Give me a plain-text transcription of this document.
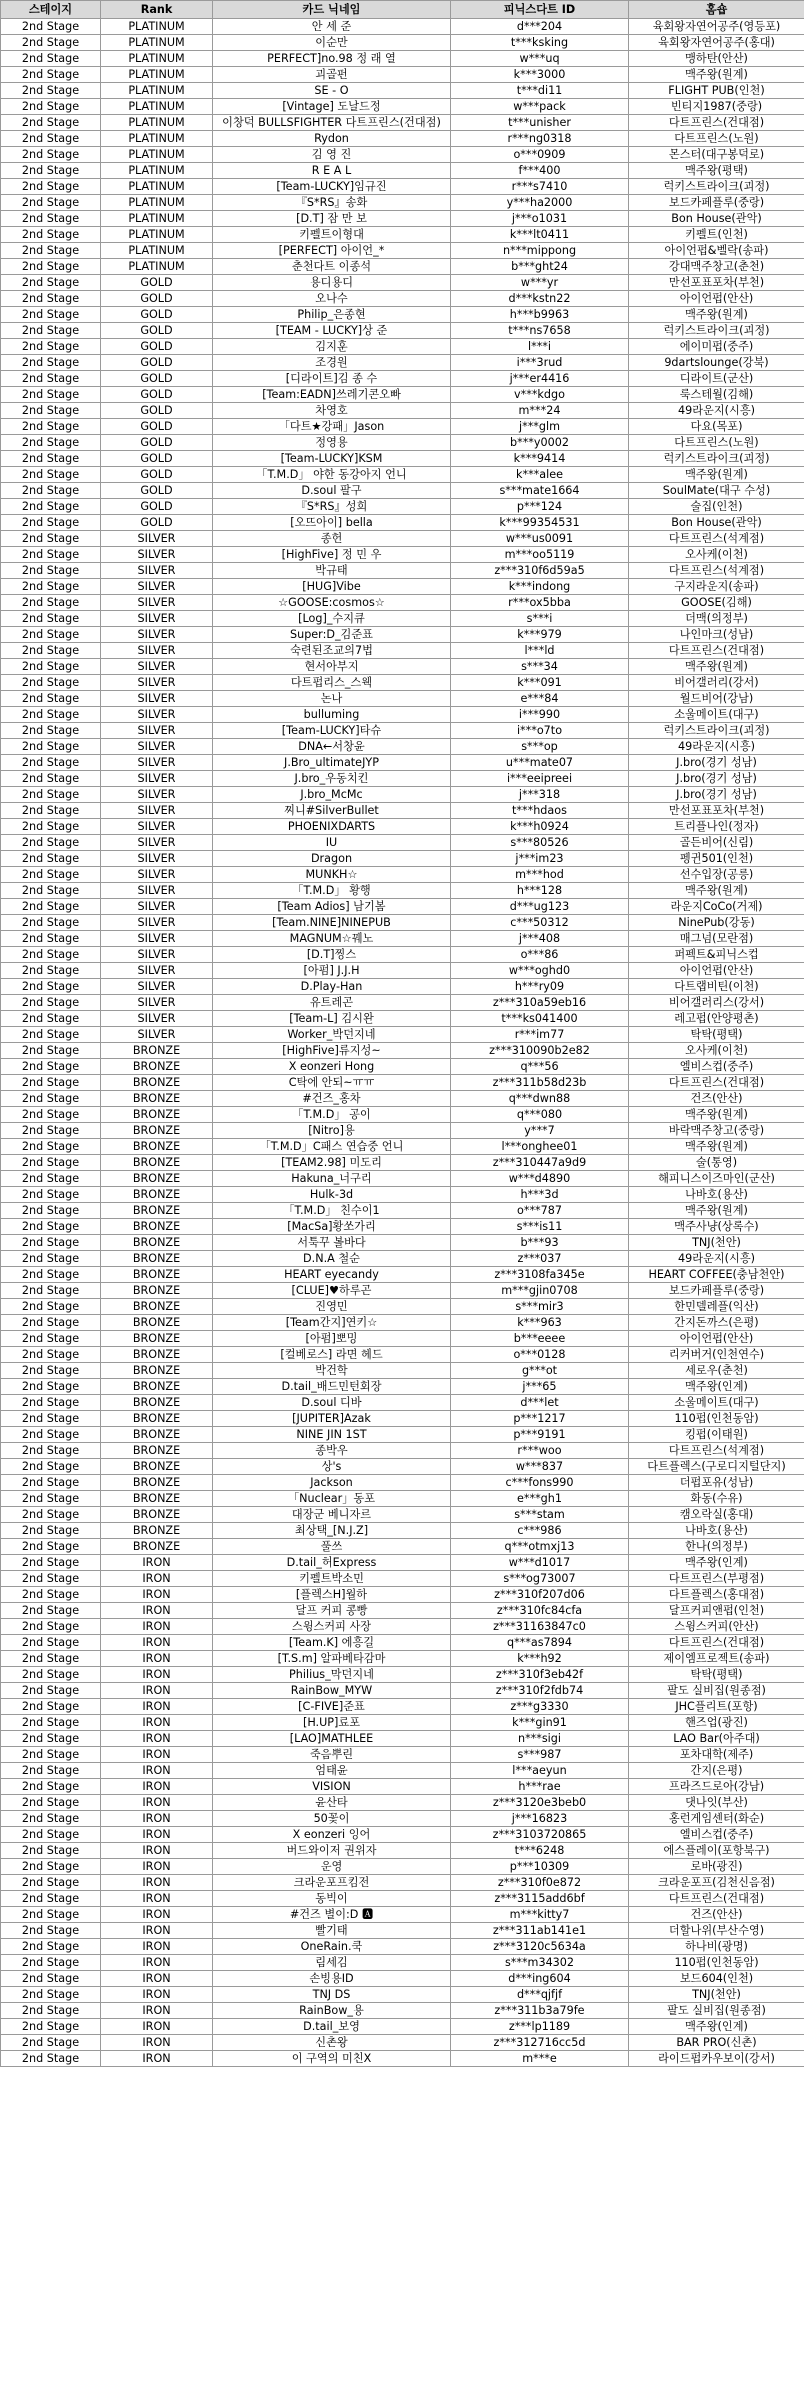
스테이지	Rank	카드 닉네임	피닉스다트 ID	홈숍
2nd Stage	PLATINUM	안 세 준	d***204	육회왕자연어공주(영등포)
2nd Stage	PLATINUM	이순만	t***ksking	육회왕자연어공주(홍대)
2nd Stage	PLATINUM	PERFECT]no.98 정 래 열	w***uq	맹하탄(안산)
2nd Stage	PLATINUM	괴골펀	k***3000	맥주왕(원계)
2nd Stage	PLATINUM	SE - O	t***di11	FLIGHT PUB(인천)
2nd Stage	PLATINUM	[Vintage] 도날드정	w***pack	빈티지1987(중랑)
2nd Stage	PLATINUM	이창덕 BULLSFIGHTER 다트프린스(건대점)	t***unisher	다트프린스(건대점)
2nd Stage	PLATINUM	Rydon	r***ng0318	다트프린스(노원)
2nd Stage	PLATINUM	김 영 진	o***0909	몬스터(대구봉덕로)
2nd Stage	PLATINUM	R E A L	f***400	맥주왕(평택)
2nd Stage	PLATINUM	[Team-LUCKY]임규진	r***s7410	럭키스트라이크(괴정)
2nd Stage	PLATINUM	『S*RS』송화	y***ha2000	보드카페플루(중랑)
2nd Stage	PLATINUM	[D.T] 잠 만 보	j***o1031	Bon House(관악)
2nd Stage	PLATINUM	키펠트이형대	k***lt0411	키펠트(인천)
2nd Stage	PLATINUM	[PERFECT] 아이언_*	n***mippong	아이언펍&벨락(송파)
2nd Stage	PLATINUM	춘천다트 이종석	b***ght24	강대맥주창고(춘천)
2nd Stage	GOLD	용디용디	w***yr	만선포표포차(부천)
2nd Stage	GOLD	오나수	d***kstn22	아이언펍(안산)
2nd Stage	GOLD	Philip_은종현	h***b9963	맥주왕(원계)
2nd Stage	GOLD	[TEAM - LUCKY]상 준	t***ns7658	럭키스트라이크(괴정)
2nd Stage	GOLD	김지훈	l***i	에이미펍(중주)
2nd Stage	GOLD	조경원	i***3rud	9dartslounge(강북)
2nd Stage	GOLD	[디라이트]김 종 수	j***er4416	디라이트(군산)
2nd Stage	GOLD	[Team:EADN]쓰레기콘오빠	v***kdgo	룩스테월(김해)
2nd Stage	GOLD	차영호	m***24	49라운지(시흥)
2nd Stage	GOLD	「다트★강패」Jason	j***glm	다요(목포)
2nd Stage	GOLD	정영용	b***y0002	다트프린스(노원)
2nd Stage	GOLD	[Team-LUCKY]KSM	k***9414	럭키스트라이크(괴정)
2nd Stage	GOLD	「T.M.D」 야한 동강아지 언니	k***alee	맥주왕(원계)
2nd Stage	GOLD	D.soul 팔구	s***mate1664	SoulMate(대구 수성)
2nd Stage	GOLD	『S*RS』성희	p***124	술집(인천)
2nd Stage	GOLD	[오뜨아이] bella	k***99354531	Bon House(관악)
2nd Stage	SILVER	종헌	w***us0091	다트프린스(석계점)
2nd Stage	SILVER	[HighFive] 정 민 우	m***oo5119	오사케(이천)
2nd Stage	SILVER	박규태	z***310f6d59a5	다트프린스(석계점)
2nd Stage	SILVER	[HUG]Vibe	k***indong	구지라운지(송파)
2nd Stage	SILVER	☆GOOSE:cosmos☆	r***ox5bba	GOOSE(김해)
2nd Stage	SILVER	[Log]_수지큐	s***i	더맥(의정부)
2nd Stage	SILVER	Super:D_김준표	k***979	나인마크(성남)
2nd Stage	SILVER	숙련된조교의7법	l***ld	다트프린스(건대점)
2nd Stage	SILVER	현서아부지	s***34	맥주왕(원계)
2nd Stage	SILVER	다트펍리스_스웩	k***091	비어갤러리(강서)
2nd Stage	SILVER	논나	e***84	월드비어(강남)
2nd Stage	SILVER	bulluming	i***990	소울메이트(대구)
2nd Stage	SILVER	[Team-LUCKY]타슈	i***o7to	럭키스트라이크(괴정)
2nd Stage	SILVER	DNA←서창윤	s***op	49라운지(시흥)
2nd Stage	SILVER	J.Bro_ultimateJYP	u***mate07	J.bro(경기 성남)
2nd Stage	SILVER	J.bro_우동치킨	i***eeipreei	J.bro(경기 성남)
2nd Stage	SILVER	J.bro_McMc	j***318	J.bro(경기 성남)
2nd Stage	SILVER	찌니#SilverBullet	t***hdaos	만선포표포차(부천)
2nd Stage	SILVER	PHOENIXDARTS	k***h0924	트리플나인(정자)
2nd Stage	SILVER	IU	s***80526	골든비어(신림)
2nd Stage	SILVER	Dragon	j***im23	펭귄501(인천)
2nd Stage	SILVER	MUNKH☆	m***hod	선수입장(공릉)
2nd Stage	SILVER	「T.M.D」 황행	h***128	맥주왕(원계)
2nd Stage	SILVER	[Team Adios] 남기봄	d***ug123	라운지CoCo(거제)
2nd Stage	SILVER	[Team.NINE]NINEPUB	c***50312	NinePub(강동)
2nd Stage	SILVER	MAGNUM☆꿰노	j***408	매그넘(모란점)
2nd Stage	SILVER	[D.T]찡스	o***86	퍼펙트&피닉스컵
2nd Stage	SILVER	[아펌] J.J.H	w***oghd0	아이언펍(안산)
2nd Stage	SILVER	D.Play-Han	h***ry09	다트랩비틴(이천)
2nd Stage	SILVER	유트레곤	z***310a59eb16	비어갤러리스(강서)
2nd Stage	SILVER	[Team-L] 김시완	t***ks041400	레고펍(안양평촌)
2nd Stage	SILVER	Worker_박던지네	r***im77	탁탁(평택)
2nd Stage	BRONZE	[HighFive]류지성~	z***310090b2e82	오사케(이천)
2nd Stage	BRONZE	X eonzeri Hong	q***56	엘비스컵(중주)
2nd Stage	BRONZE	C탁에 안되~ㅠㅠ	z***311b58d23b	다트프린스(건대점)
2nd Stage	BRONZE	#건즈_홍차	q***dwn88	건즈(안산)
2nd Stage	BRONZE	「T.M.D」 공이	q***080	맥주왕(원계)
2nd Stage	BRONZE	[Nitro]용	y***7	바락맥주창고(중랑)
2nd Stage	BRONZE	「T.M.D」C패스 연습중 언니	l***onghee01	맥주왕(원계)
2nd Stage	BRONZE	[TEAM2.98] 미도리	z***310447a9d9	술(통영)
2nd Stage	BRONZE	Hakuna_너구리	w***d4890	해피니스이즈마인(군산)
2nd Stage	BRONZE	Hulk-3d	h***3d	나바호(용산)
2nd Stage	BRONZE	「T.M.D」 친수이1	o***787	맥주왕(원계)
2nd Stage	BRONZE	[MacSa]황쏘가리	s***is11	맥주사냥(상록수)
2nd Stage	BRONZE	서툭꾸 볼바다	b***93	TNJ(천안)
2nd Stage	BRONZE	D.N.A 철순	z***037	49라운지(시흥)
2nd Stage	BRONZE	HEART eyecandy	z***3108fa345e	HEART COFFEE(충남천안)
2nd Stage	BRONZE	[CLUE]♥하루곤	m***gjin0708	보드카페플루(중랑)
2nd Stage	BRONZE	진영민	s***mir3	한민델레플(익산)
2nd Stage	BRONZE	[Team간지]연키☆	k***963	간지돈까스(은평)
2nd Stage	BRONZE	[아펌]뽀밍	b***eeee	아이언펍(안산)
2nd Stage	BRONZE	[컬베로스] 라면 헤드	o***0128	리커버거(인천연수)
2nd Stage	BRONZE	박건학	g***ot	세로우(춘천)
2nd Stage	BRONZE	D.tail_배드민턴회장	j***65	맥주왕(인계)
2nd Stage	BRONZE	D.soul 디바	d***let	소울메이트(대구)
2nd Stage	BRONZE	[JUPITER]Azak	p***1217	110펍(인천동암)
2nd Stage	BRONZE	NINE JIN 1ST	p***9191	킹펍(이태원)
2nd Stage	BRONZE	종박우	r***woo	다트프린스(석계점)
2nd Stage	BRONZE	상's	w***837	다트플렉스(구로디지털단지)
2nd Stage	BRONZE	Jackson	c***fons990	더펍포유(성남)
2nd Stage	BRONZE	「Nuclear」동포	e***gh1	화동(수유)
2nd Stage	BRONZE	대장군 베니자르	s***stam	캠오락실(홍대)
2nd Stage	BRONZE	최상택_[N.J.Z]	c***986	나바호(용산)
2nd Stage	BRONZE	풀쓰	q***otmxj13	한나(의정부)
2nd Stage	IRON	D.tail_허Express	w***d1017	맥주왕(인계)
2nd Stage	IRON	키펠트박소민	s***og73007	다트프린스(부평점)
2nd Stage	IRON	[플렉스H]월하	z***310f207d06	다트플렉스(홍대점)
2nd Stage	IRON	달프 커피 콩빵	z***310fc84cfa	달프커피앤펍(인천)
2nd Stage	IRON	스윙스커피 사장	z***31163847c0	스윙스커피(안산)
2nd Stage	IRON	[Team.K] 에흥길	q***as7894	다트프린스(건대점)
2nd Stage	IRON	[T.S.m] 알파베타감마	k***h92	제이엠프로젝트(송파)
2nd Stage	IRON	Philius_막던지네	z***310f3eb42f	탁탁(평택)
2nd Stage	IRON	RainBow_MYW	z***310f2fdb74	팔도 실비집(원종점)
2nd Stage	IRON	[C-FIVE]준표	z***g3330	JHC플리트(포항)
2nd Stage	IRON	[H.UP]료포	k***gin91	핸즈업(광진)
2nd Stage	IRON	[LAO]MATHLEE	n***sigi	LAO Bar(아주대)
2nd Stage	IRON	죽음뿌린	s***987	포차대학(제주)
2nd Stage	IRON	엄태윤	l***aeyun	간지(은평)
2nd Stage	IRON	VISION	h***rae	프라즈드로아(강남)
2nd Stage	IRON	윤산타	z***3120e3beb0	댓나잇(부산)
2nd Stage	IRON	50꽃이	j***16823	홍런게임센터(화순)
2nd Stage	IRON	X eonzeri 잉어	z***3103720865	엘비스컵(중주)
2nd Stage	IRON	버드와이저 권위자	t***6248	에스플레이(포항북구)
2nd Stage	IRON	운영	p***10309	로바(광진)
2nd Stage	IRON	크라운포프킴전	z***310f0e872	크라운포프(김천신음점)
2nd Stage	IRON	동빅이	z***3115add6bf	다트프린스(건대점)
2nd Stage	IRON	#건즈 별이:D 🅰	m***kitty7	건즈(안산)
2nd Stage	IRON	빨기태	z***311ab141e1	더할나위(부산수영)
2nd Stage	IRON	OneRain.쿡	z***3120c5634a	하나비(광명)
2nd Stage	IRON	림세김	s***m34302	110펍(인천동암)
2nd Stage	IRON	손빙용ID	d***ing604	보드604(인천)
2nd Stage	IRON	TNJ DS	d***qjfjf	TNJ(천안)
2nd Stage	IRON	RainBow_용	z***311b3a79fe	팔도 실비집(원종점)
2nd Stage	IRON	D.tail_보영	z***lp1189	맥주왕(인계)
2nd Stage	IRON	신촌왕	z***312716cc5d	BAR PRO(신촌)
2nd Stage	IRON	이 구역의 미친X	m***e	라이드펍카우보이(강서)
